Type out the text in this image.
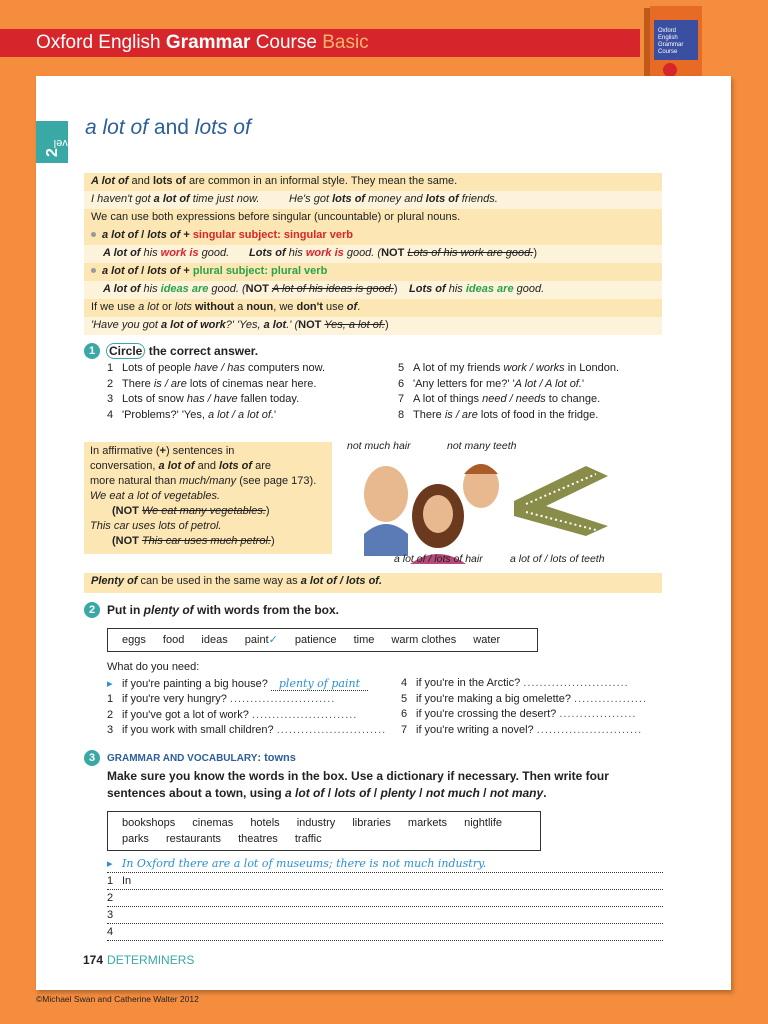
Oxford English Grammar Course Basic
Oxford
English
Grammar
Course
Level
2
a lot of and lots of
A lot of and lots of are common in an informal style. They mean the same.
I haven't got a lot of time just now.	He's got lots of money and lots of friends.
We can use both expressions before singular (uncountable) or plural nouns.
a lot of / lots of + singular subject: singular verb
A lot of his work is good. Lots of his work is good. (NOT Lots of his work are good.)
a lot of / lots of + plural subject: plural verb
A lot of his ideas are good. (NOT A lot of his ideas is good.) Lots of his ideas are good.
If we use a lot or lots without a noun, we don't use of.
'Have you got a lot of work?' 'Yes, a lot.' (NOT Yes, a lot of.)
1	Circle the correct answer.
1 Lots of people have / has computers now.
2 There is / are lots of cinemas near here.
3 Lots of snow has / have fallen today.
4 'Problems?' 'Yes, a lot / a lot of.'
5 A lot of my friends work / works in London.
6 'Any letters for me?' 'A lot / A lot of.'
7 A lot of things need / needs to change.
8 There is / are lots of food in the fridge.
In affirmative (+) sentences in
conversation, a lot of and lots of are
more natural than much/many (see page 173).
We eat a lot of vegetables.
(NOT We eat many vegetables.)
This car uses lots of petrol.
(NOT This car uses much petrol.)
not much hair	not many teeth
a lot of / lots of hair	a lot of / lots of teeth
Plenty of can be used in the same way as a lot of / lots of.
2 Put in plenty of with words from the box.
eggs food ideas paint✓ patience time warm clothes water
What do you need:
▸ if you're painting a big house? plenty of paint
1 if you're very hungry? ..........................
2 if you've got a lot of work? ..........................
3 if you work with small children? ...........................
4 if you're in the Arctic? ..........................
5 if you're making a big omelette? ..................
6 if you're crossing the desert? ...................
7 if you're writing a novel? ..........................
3	GRAMMAR AND VOCABULARY: towns
Make sure you know the words in the box. Use a dictionary if necessary. Then write four
sentences about a town, using a lot of / lots of / plenty / not much / not many.
bookshops cinemas hotels industry libraries markets nightlife
parks restaurants theatres traffic
▸ In Oxford there are a lot of museums; there is not much industry.
1 In
2
3
4
174 DETERMINERS
©Michael Swan and Catherine Walter 2012
